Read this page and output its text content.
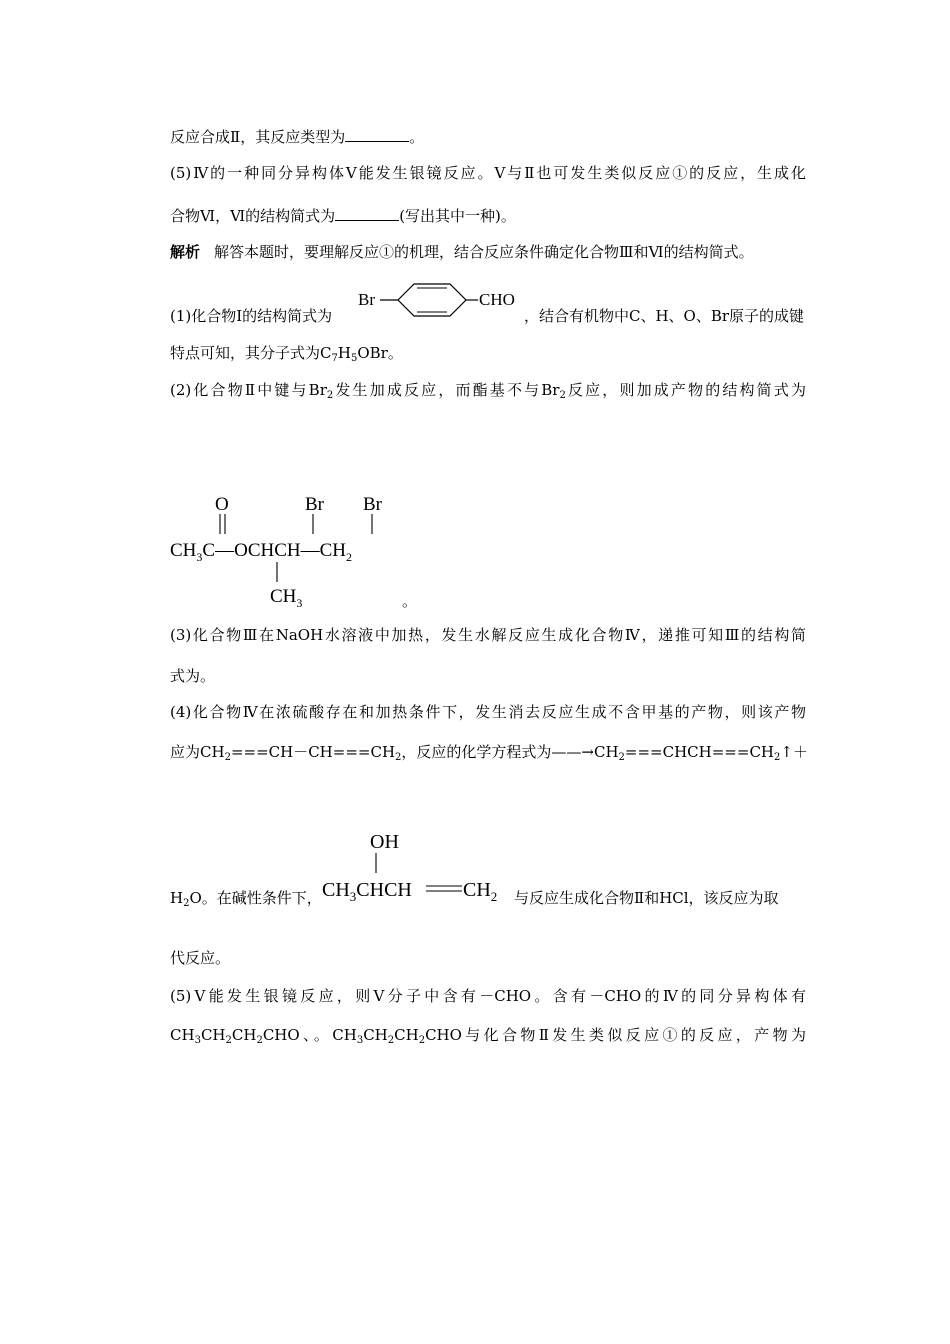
反应合成Ⅱ，其反应类型为	。
(5)Ⅳ的一种同分异构体Ⅴ能发生银镜反应。Ⅴ与Ⅱ也可发生类似反应①的反应，生成化
合物Ⅵ，Ⅵ的结构简式为	(写出其中一种)。
解析 解答本题时，要理解反应①的机理，结合反应条件确定化合物Ⅲ和Ⅵ的结构简式。
(1)化合物Ⅰ的结构简式为
Br	CHO
，结合有机物中C、H、O、Br原子的成键
特点可知，其分子式为$C_7H_5OBr$。
(2)化合物Ⅱ中键与$Br_2$发生加成反应，而酯基不与$Br_2$反应，则加成产物的结构简式为
O	Br Br
$CH_3C—OCHCH—CH_2$
$CH_3$	。
(3)化合物Ⅲ在NaOH水溶液中加热，发生水解反应生成化合物Ⅳ，递推可知Ⅲ的结构简
式为。
(4)化合物Ⅳ在浓硫酸存在和加热条件下，发生消去反应生成不含甲基的产物，则该产物
应为$CH_2===CH-CH===CH_2$，反应的化学方程式为$——\to CH_2===CHCH===CH_2↑+$
$H_2O$。在碱性条件下，
OH
$CH_3CHCH$	$CH_2$ 与反应生成化合物Ⅱ和HCl，该反应为取
代反应。
(5)Ⅴ能发生银镜反应，则Ⅴ分子中含有－CHO。含有－CHO的Ⅳ的同分异构体有
$CH_3CH_2CH_2CHO$、。$CH_3CH_2CH_2CHO$与化合物Ⅱ发生类似反应①的反应，产物为
